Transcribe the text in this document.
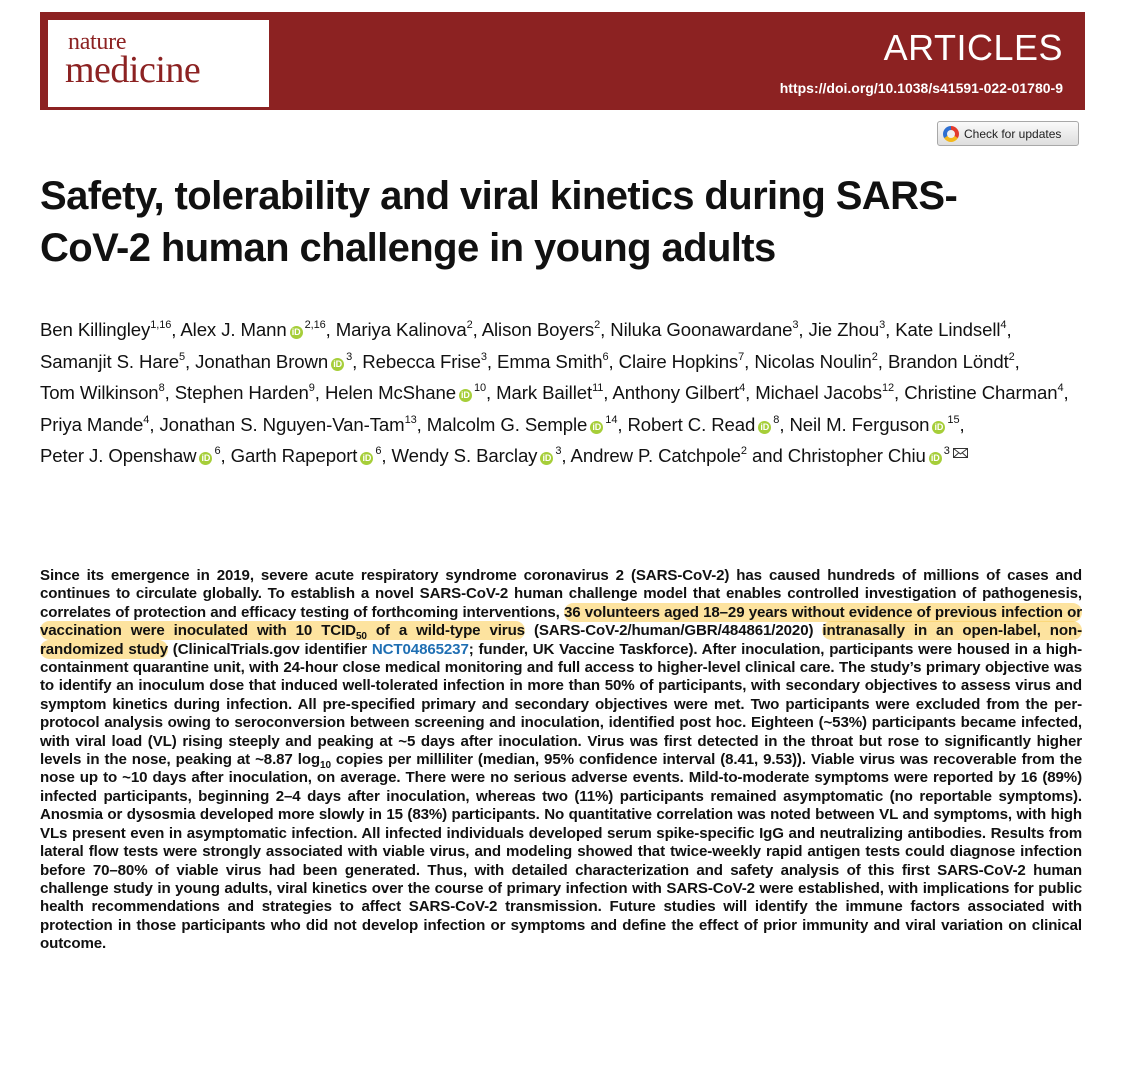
nature
medicine
ARTICLES
https://doi.org/10.1038/s41591-022-01780-9
Check for updates
Safety, tolerability and viral kinetics during SARS-CoV-2 human challenge in young adults

Ben Killingley$^{1,16}$, Alex J. Mann iD$^{2,16}$, Mariya Kalinova$^2$, Alison Boyers$^2$, Niluka Goonawardane$^3$, Jie Zhou$^3$, Kate Lindsell$^4$, Samanjit S. Hare$^5$, Jonathan Brown $iD^3$, Rebecca Frise$^3$, Emma Smith$^6$, Claire Hopkins$^7$, Nicolas Noulin$^2$, Brandon Löndt$^2$, Tom Wilkinson$^8$, Stephen Harden$^9$, Helen McShane $iD^{10}$, Mark Baillet$^{11}$, Anthony Gilbert$^4$, Michael Jacobs$^{12}$, Christine Charman$^4$, Priya Mande$^4$, Jonathan S. Nguyen-Van-Tam$^{13}$, Malcolm G. Semple $iD^{14}$, Robert C. Read $iD^8$, Neil M. Ferguson $iD^{15}$, Peter J. Openshaw $iD^6$, Garth Rapeport $iD^6$, Wendy S. Barclay $iD^3$, Andrew P. Catchpole$^2$ and Christopher Chiu $iD^3$

Since its emergence in 2019, severe acute respiratory syndrome coronavirus 2 (SARS-CoV-2) has caused hundreds of millions of cases and continues to circulate globally. To establish a novel SARS-CoV-2 human challenge model that enables controlled investigation of pathogenesis, correlates of protection and efficacy testing of forthcoming interventions, 36 volunteers aged 18–29 years without evidence of previous infection or vaccination were inoculated with 10 $TCID_{50}$ of a wild-type virus (SARS-CoV-2/human/GBR/484861/2020) intranasally in an open-label, non-randomized study (ClinicalTrials.gov identifier NCT04865237; funder, UK Vaccine Taskforce). After inoculation, participants were housed in a high-containment quarantine unit, with 24-hour close medical monitoring and full access to higher-level clinical care. The study’s primary objective was to identify an inoculum dose that induced well-tolerated infection in more than 50% of participants, with secondary objectives to assess virus and symptom kinetics during infection. All pre-specified primary and secondary objectives were met. Two participants were excluded from the per-protocol analysis owing to seroconversion between screening and inoculation, identified post hoc. Eighteen (~53%) participants became infected, with viral load (VL) rising steeply and peaking at ~5 days after inoculation. Virus was first detected in the throat but rose to significantly higher levels in the nose, peaking at ~8.87 $\log_{10}$ copies per milliliter (median, 95% confidence interval (8.41, 9.53)). Viable virus was recoverable from the nose up to ~10 days after inoculation, on average. There were no serious adverse events. Mild-to-moderate symptoms were reported by 16 (89%) infected participants, beginning 2–4 days after inoculation, whereas two (11%) participants remained asymptomatic (no reportable symptoms). Anosmia or dysosmia developed more slowly in 15 (83%) participants. No quantitative correlation was noted between VL and symptoms, with high VLs present even in asymptomatic infection. All infected individuals developed serum spike-specific IgG and neutralizing antibodies. Results from lateral flow tests were strongly associated with viable virus, and modeling showed that twice-weekly rapid antigen tests could diagnose infection before 70–80% of viable virus had been generated. Thus, with detailed characterization and safety analysis of this first SARS-CoV-2 human challenge study in young adults, viral kinetics over the course of primary infection with SARS-CoV-2 were established, with implications for public health recommendations and strategies to affect SARS-CoV-2 transmission. Future studies will identify the immune factors associated with protection in those participants who did not develop infection or symptoms and define the effect of prior immunity and viral variation on clinical outcome.
